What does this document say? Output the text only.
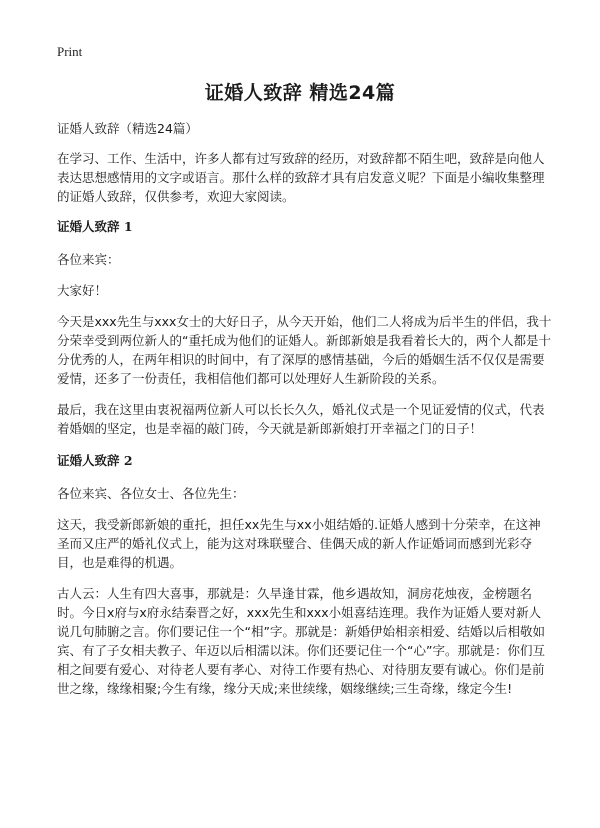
Print
证婚人致辞 精选24篇
证婚人致辞（精选24篇）

在学习、工作、生活中，许多人都有过写致辞的经历，对致辞都不陌生吧，致辞是向他人表达思想感情用的文字或语言。那什么样的致辞才具有启发意义呢？下面是小编收集整理的证婚人致辞，仅供参考，欢迎大家阅读。

证婚人致辞 1

各位来宾：

大家好！

今天是xxx先生与xxx女士的大好日子，从今天开始，他们二人将成为后半生的伴侣，我十分荣幸受到两位新人的“重托成为他们的证婚人。新郎新娘是我看着长大的，两个人都是十分优秀的人，在两年相识的时间中，有了深厚的感情基础，今后的婚姻生活不仅仅是需要爱情，还多了一份责任，我相信他们都可以处理好人生新阶段的关系。

最后，我在这里由衷祝福两位新人可以长长久久，婚礼仪式是一个见证爱情的仪式，代表着婚姻的坚定，也是幸福的敲门砖，今天就是新郎新娘打开幸福之门的日子！

证婚人致辞 2

各位来宾、各位女士、各位先生：

这天，我受新郎新娘的重托，担任xx先生与xx小姐结婚的.证婚人感到十分荣幸，在这神圣而又庄严的婚礼仪式上，能为这对珠联璧合、佳偶天成的新人作证婚词而感到光彩夺目，也是难得的机遇。

古人云：人生有四大喜事，那就是：久旱逢甘霖，他乡遇故知，洞房花烛夜，金榜题名时。今日x府与x府永结秦晋之好，xxx先生和xxx小姐喜结连理。我作为证婚人要对新人说几句肺腑之言。你们要记住一个“相”字。那就是：新婚伊始相亲相爱、结婚以后相敬如宾、有了子女相夫教子、年迈以后相濡以沫。你们还要记住一个“心”字。那就是：你们互相之间要有爱心、对待老人要有孝心、对待工作要有热心、对待朋友要有诚心。你们是前世之缘，缘缘相聚;今生有缘，缘分天成;来世续缘，姻缘继续;三生奇缘，缘定今生!
